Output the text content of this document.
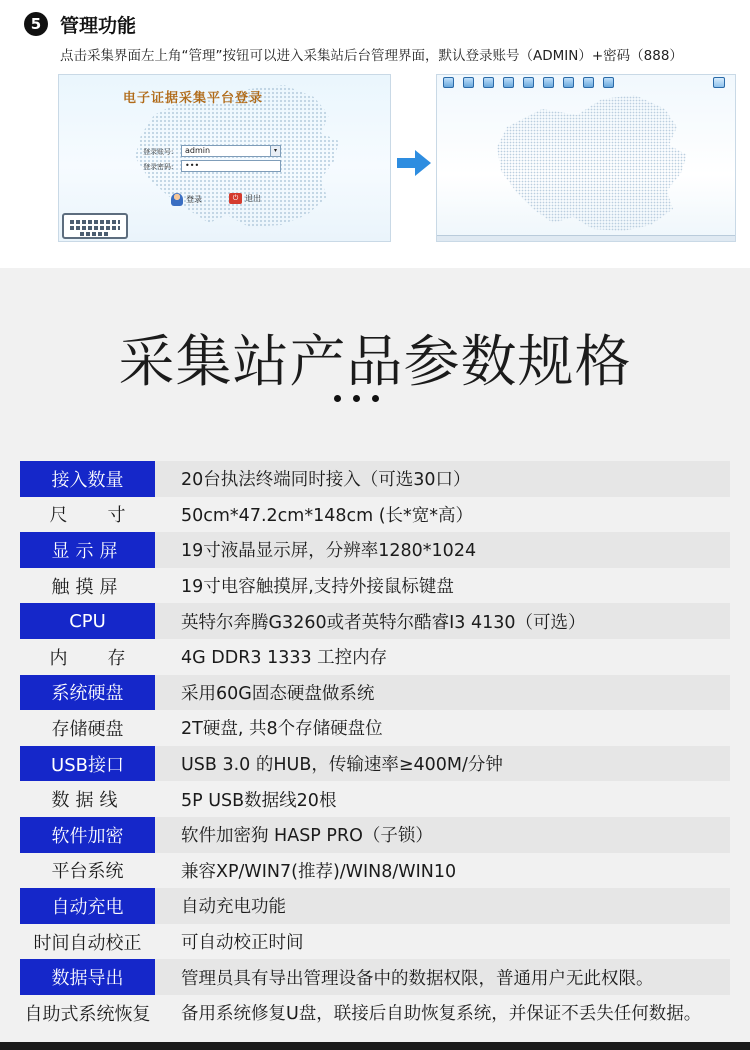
5 管理功能
点击采集界面左上角“管理”按钮可以进入采集站后台管理界面，默认登录账号（ADMIN）+密码（888）
电子证据采集平台登录
登录账号:	admin	▾
登录密码:	•••
登录	⏻ 退出
采集站产品参数规格
接入数量	20台执法终端同时接入（可选30口）
尺寸 50cm*47.2cm*148cm (长*宽*高）
显示屏	19寸液晶显示屏，分辨率1280*1024
触摸屏	19寸电容触摸屏,支持外接鼠标键盘
CPU	英特尔奔腾G3260或者英特尔酷睿I3 4130（可选）
内存 4G DDR3 1333 工控内存
系统硬盘	采用60G固态硬盘做系统
存储硬盘	2T硬盘, 共8个存储硬盘位
USB接口	USB 3.0 的HUB，传输速率≥400M/分钟
数据线	5P USB数据线20根
软件加密	软件加密狗 HASP PRO（子锁）
平台系统	兼容XP/WIN7(推荐)/WIN8/WIN10
自动充电	自动充电功能
时间自动校正	可自动校正时间
数据导出	管理员具有导出管理设备中的数据权限，普通用户无此权限。
自助式系统恢复 备用系统修复U盘，联接后自助恢复系统，并保证不丢失任何数据。
